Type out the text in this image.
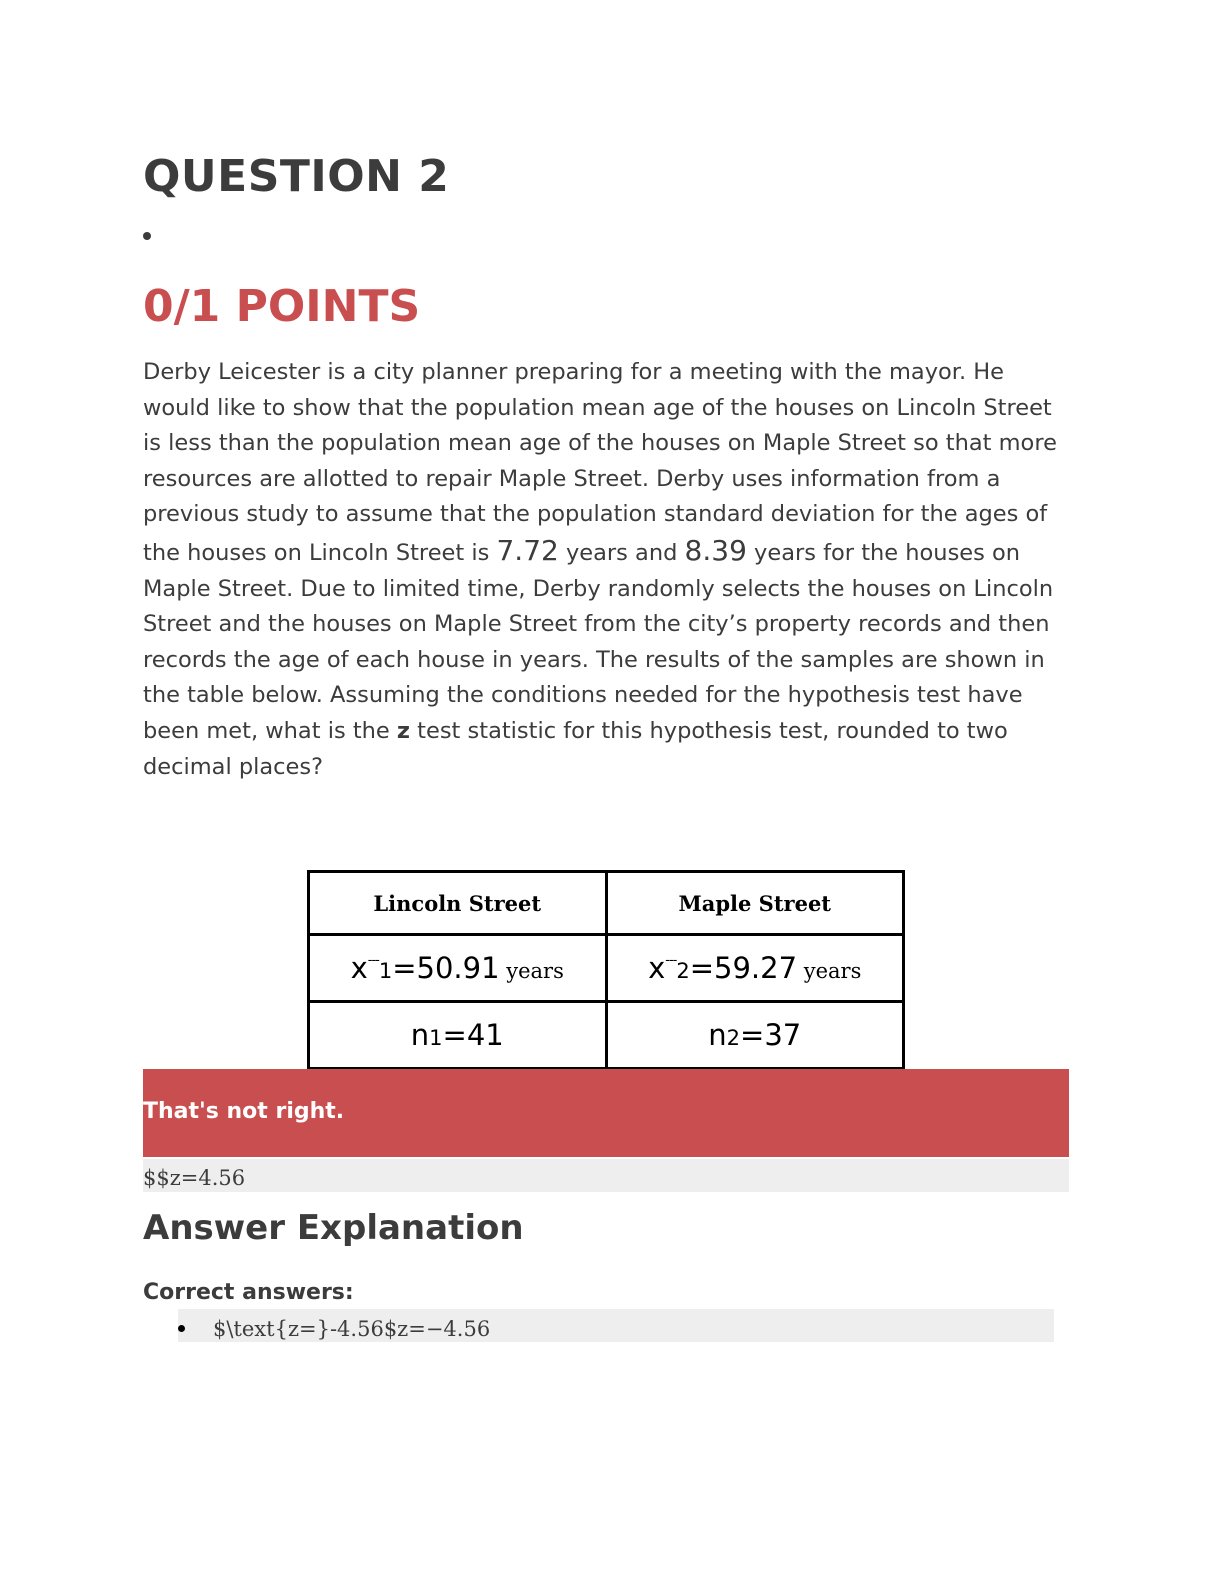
QUESTION 2
0/1 POINTS

Derby Leicester is a city planner preparing for a meeting with the mayor. He would like to show that the population mean age of the houses on Lincoln Street is less than the population mean age of the houses on Maple Street so that more resources are allotted to repair Maple Street. Derby uses information from a previous study to assume that the population standard deviation for the ages of the houses on Lincoln Street is 7.72 years and 8.39 years for the houses on Maple Street. Due to limited time, Derby randomly selects the houses on Lincoln Street and the houses on Maple Street from the city’s property records and then records the age of each house in years. The results of the samples are shown in the table below. Assuming the conditions needed for the hypothesis test have been met, what is the z test statistic for this hypothesis test, rounded to two decimal places?

Lincoln Street	Maple Street
x---1=50.91 years	x---2=59.27 years
n1=41	n2=37
That's not right.
$$z=4.56
Answer Explanation
Correct answers:
$\text{z=}-4.56$z=−4.56
